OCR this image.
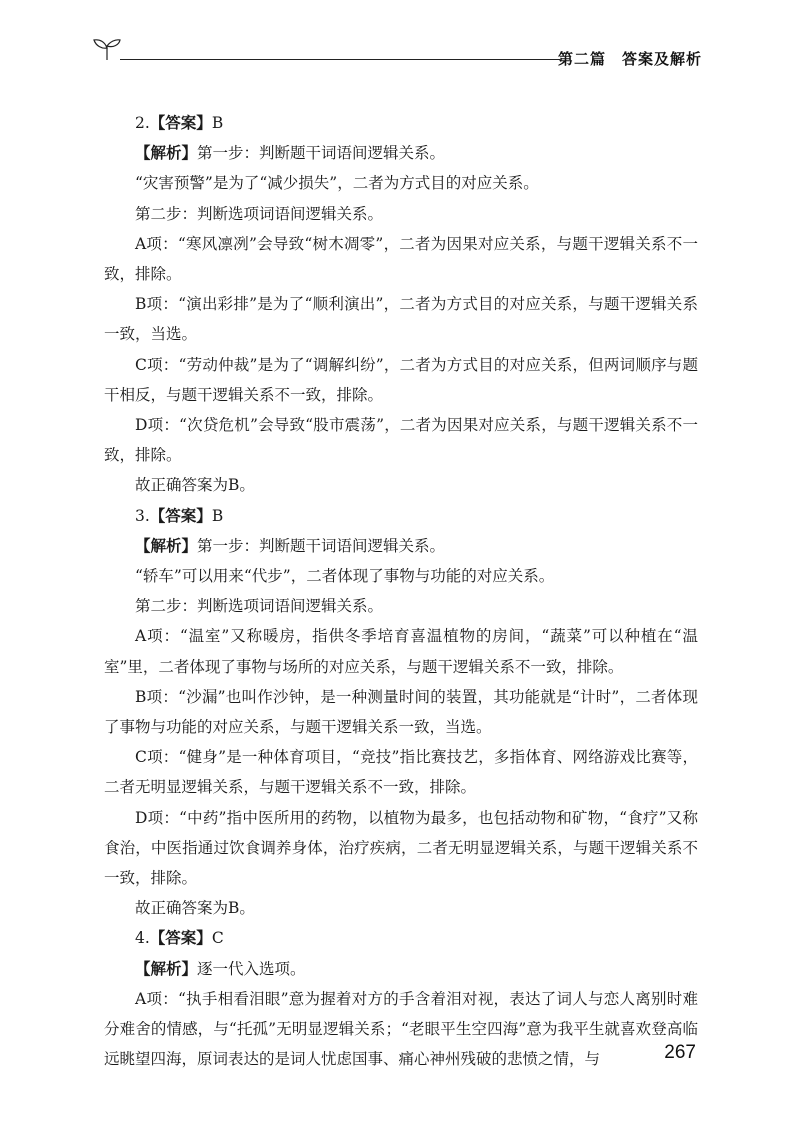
第二篇　答案及解析

2.【答案】B

【解析】第一步：判断题干词语间逻辑关系。

“灾害预警”是为了“减少损失”，二者为方式目的对应关系。

第二步：判断选项词语间逻辑关系。

A项：“寒风凛冽”会导致“树木凋零”，二者为因果对应关系，与题干逻辑关系不一致，排除。

B项：“演出彩排”是为了“顺利演出”，二者为方式目的对应关系，与题干逻辑关系一致，当选。

C项：“劳动仲裁”是为了“调解纠纷”，二者为方式目的对应关系，但两词顺序与题干相反，与题干逻辑关系不一致，排除。

D项：“次贷危机”会导致“股市震荡”，二者为因果对应关系，与题干逻辑关系不一致，排除。

故正确答案为B。

3.【答案】B

【解析】第一步：判断题干词语间逻辑关系。

“轿车”可以用来“代步”，二者体现了事物与功能的对应关系。

第二步：判断选项词语间逻辑关系。

A项：“温室”又称暖房，指供冬季培育喜温植物的房间，“蔬菜”可以种植在“温室”里，二者体现了事物与场所的对应关系，与题干逻辑关系不一致，排除。

B项：“沙漏”也叫作沙钟，是一种测量时间的装置，其功能就是“计时”，二者体现了事物与功能的对应关系，与题干逻辑关系一致，当选。

C项：“健身”是一种体育项目，“竞技”指比赛技艺，多指体育、网络游戏比赛等，二者无明显逻辑关系，与题干逻辑关系不一致，排除。

D项：“中药”指中医所用的药物，以植物为最多，也包括动物和矿物，“食疗”又称食治，中医指通过饮食调养身体，治疗疾病，二者无明显逻辑关系，与题干逻辑关系不一致，排除。

故正确答案为B。

4.【答案】C

【解析】逐一代入选项。

A项：“执手相看泪眼”意为握着对方的手含着泪对视，表达了词人与恋人离别时难分难舍的情感，与“托孤”无明显逻辑关系；“老眼平生空四海”意为我平生就喜欢登高临远眺望四海，原词表达的是词人忧虑国事、痛心神州残破的悲愤之情，与	267
